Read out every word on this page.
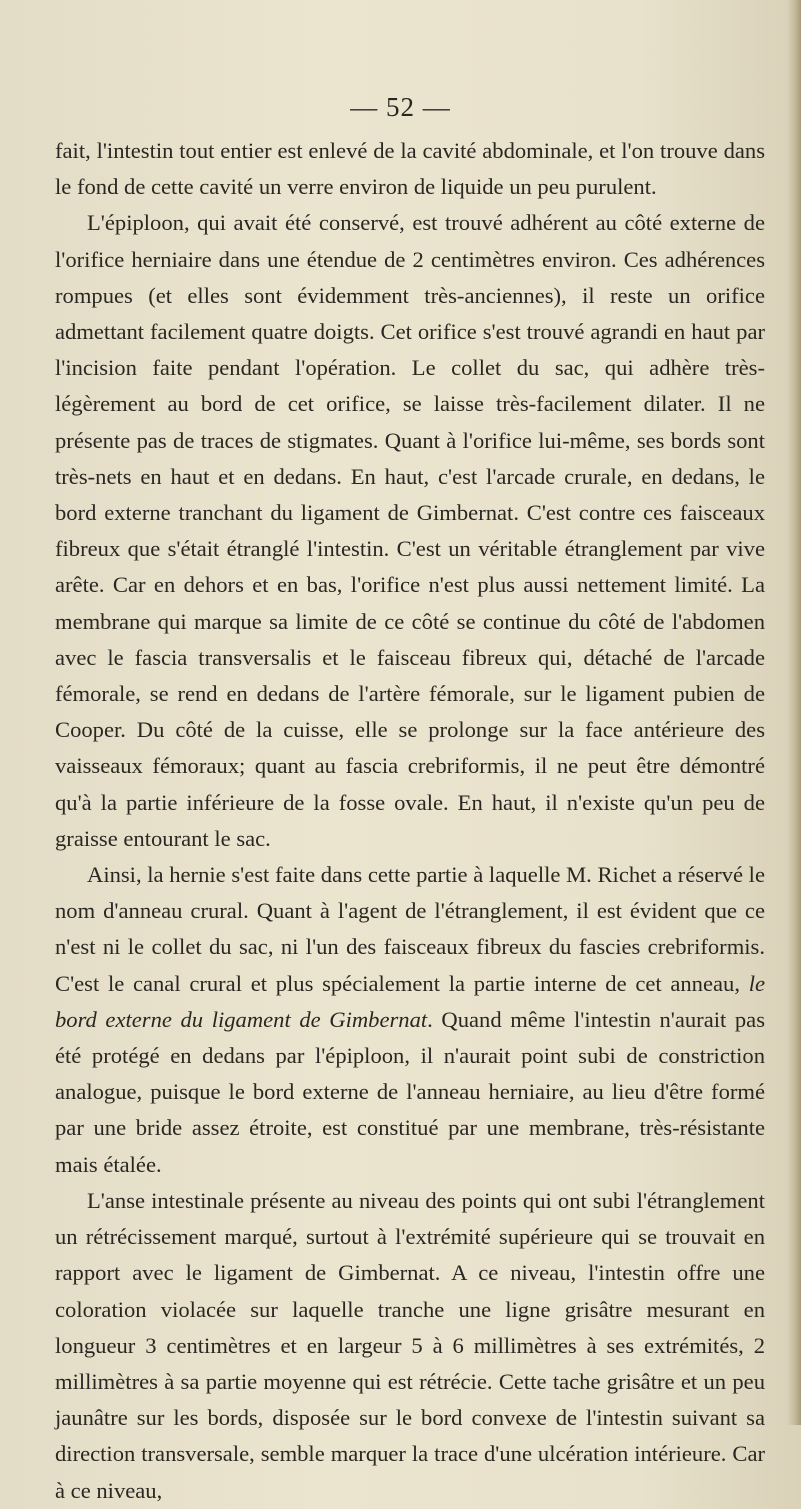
— 52 —

fait, l'intestin tout entier est enlevé de la cavité abdominale, et l'on trouve dans le fond de cette cavité un verre environ de liquide un peu purulent.

L'épiploon, qui avait été conservé, est trouvé adhérent au côté externe de l'orifice herniaire dans une étendue de 2 centimètres environ. Ces adhérences rompues (et elles sont évidemment très-anciennes), il reste un orifice admettant facilement quatre doigts. Cet orifice s'est trouvé agrandi en haut par l'incision faite pendant l'opération. Le collet du sac, qui adhère très-légèrement au bord de cet orifice, se laisse très-facilement dilater. Il ne présente pas de traces de stigmates. Quant à l'orifice lui-même, ses bords sont très-nets en haut et en dedans. En haut, c'est l'arcade crurale, en dedans, le bord externe tranchant du ligament de Gimbernat. C'est contre ces faisceaux fibreux que s'était étranglé l'intestin. C'est un véritable étranglement par vive arête. Car en dehors et en bas, l'orifice n'est plus aussi nettement limité. La membrane qui marque sa limite de ce côté se continue du côté de l'abdomen avec le fascia transversalis et le faisceau fibreux qui, détaché de l'arcade fémorale, se rend en dedans de l'artère fémorale, sur le ligament pubien de Cooper. Du côté de la cuisse, elle se prolonge sur la face antérieure des vaisseaux fémoraux; quant au fascia crebriformis, il ne peut être démontré qu'à la partie inférieure de la fosse ovale. En haut, il n'existe qu'un peu de graisse entourant le sac.

Ainsi, la hernie s'est faite dans cette partie à laquelle M. Richet a réservé le nom d'anneau crural. Quant à l'agent de l'étranglement, il est évident que ce n'est ni le collet du sac, ni l'un des faisceaux fibreux du fascies crebriformis. C'est le canal crural et plus spécialement la partie interne de cet anneau, le bord externe du ligament de Gimbernat. Quand même l'intestin n'aurait pas été protégé en dedans par l'épiploon, il n'aurait point subi de constriction analogue, puisque le bord externe de l'anneau herniaire, au lieu d'être formé par une bride assez étroite, est constitué par une membrane, très-résistante mais étalée.

L'anse intestinale présente au niveau des points qui ont subi l'étranglement un rétrécissement marqué, surtout à l'extrémité supérieure qui se trouvait en rapport avec le ligament de Gimbernat. A ce niveau, l'intestin offre une coloration violacée sur laquelle tranche une ligne grisâtre mesurant en longueur 3 centimètres et en largeur 5 à 6 millimètres à ses extrémités, 2 millimètres à sa partie moyenne qui est rétrécie. Cette tache grisâtre et un peu jaunâtre sur les bords, disposée sur le bord convexe de l'intestin suivant sa direction transversale, semble marquer la trace d'une ulcération intérieure. Car à ce niveau,
